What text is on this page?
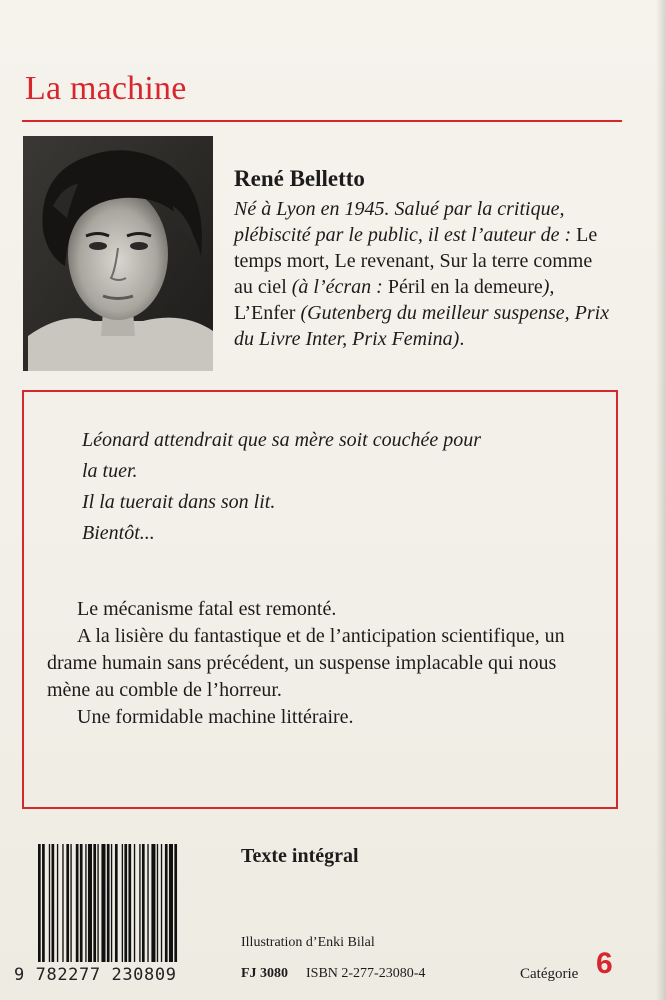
La machine
René Belletto
Né à Lyon en 1945. Salué par la critique, plébiscité par le public, il est l’auteur de : Le temps mort, Le revenant, Sur la terre comme au ciel (à l’écran : Péril en la demeure), L’Enfer (Gutenberg du meilleur suspense, Prix du Livre Inter, Prix Femina).
Léonard attendrait que sa mère soit couchée pour
la tuer.
Il la tuerait dans son lit.
Bientôt...

Le mécanisme fatal est remonté.

A la lisière du fantastique et de l’anticipation scientifique, un drame humain sans précédent, un suspense implacable qui nous mène au comble de l’horreur.

Une formidable machine littéraire.

9 782277 230809
Texte intégral
Illustration d’Enki Bilal
FJ 3080 ISBN 2-277-23080-4	Catégorie 6
